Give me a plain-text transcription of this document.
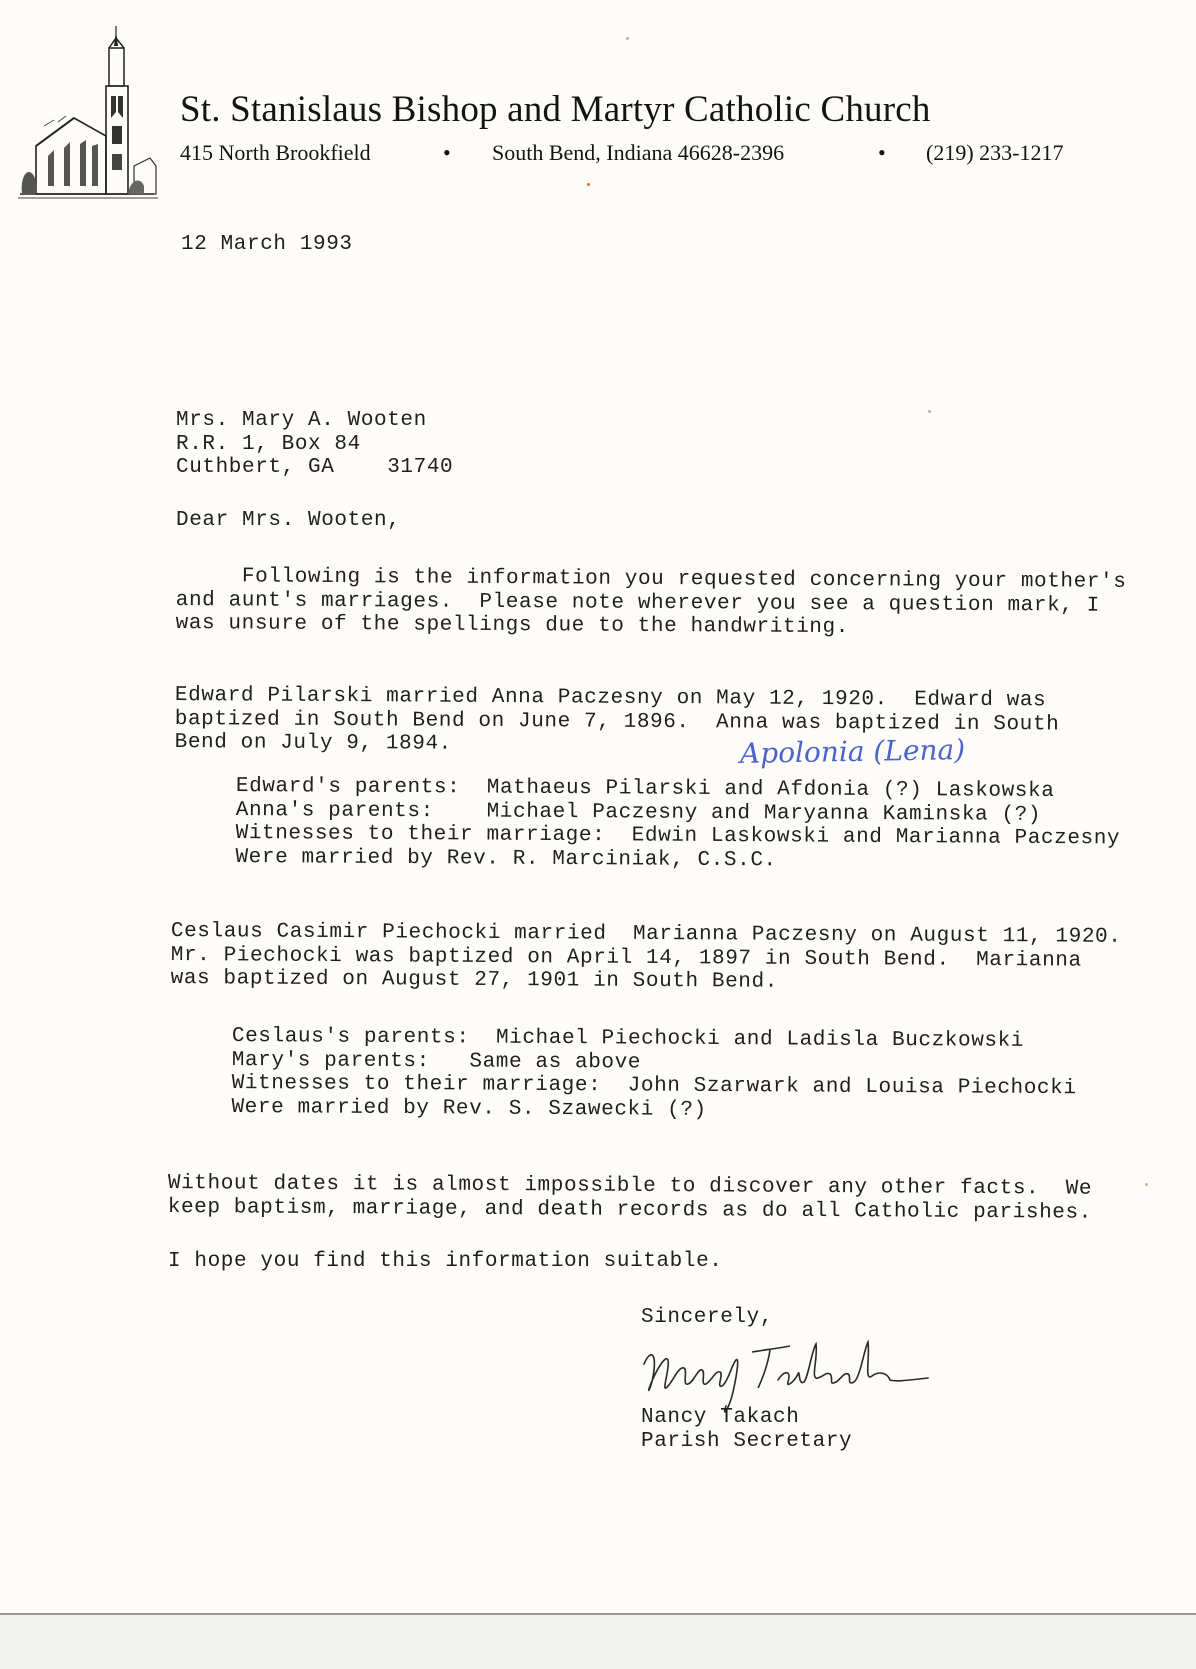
St. Stanislaus Bishop and Martyr Catholic Church
415 North Brookfield	• South Bend, Indiana 46628-2396	• (219) 233-1217
12 March 1993
Mrs. Mary A. Wooten
R.R. 1, Box 84
Cuthbert, GA    31740
Dear Mrs. Wooten,
Following is the information you requested concerning your mother's
and aunt's marriages.  Please note wherever you see a question mark, I
was unsure of the spellings due to the handwriting.
Edward Pilarski married Anna Paczesny on May 12, 1920.  Edward was
baptized in South Bend on June 7, 1896.  Anna was baptized in South
Bend on July 9, 1894.	Apolonia (Lena)
Edward's parents:  Mathaeus Pilarski and Afdonia (?) Laskowska
Anna's parents:    Michael Paczesny and Maryanna Kaminska (?)
Witnesses to their marriage:  Edwin Laskowski and Marianna Paczesny
Were married by Rev. R. Marciniak, C.S.C.
Ceslaus Casimir Piechocki married  Marianna Paczesny on August 11, 1920.
Mr. Piechocki was baptized on April 14, 1897 in South Bend.  Marianna
was baptized on August 27, 1901 in South Bend.
Ceslaus's parents:  Michael Piechocki and Ladisla Buczkowski
Mary's parents:   Same as above
Witnesses to their marriage:  John Szarwark and Louisa Piechocki
Were married by Rev. S. Szawecki (?)
Without dates it is almost impossible to discover any other facts.  We
keep baptism, marriage, and death records as do all Catholic parishes.
I hope you find this information suitable.
Sincerely,
Nancy Takach
Parish Secretary
